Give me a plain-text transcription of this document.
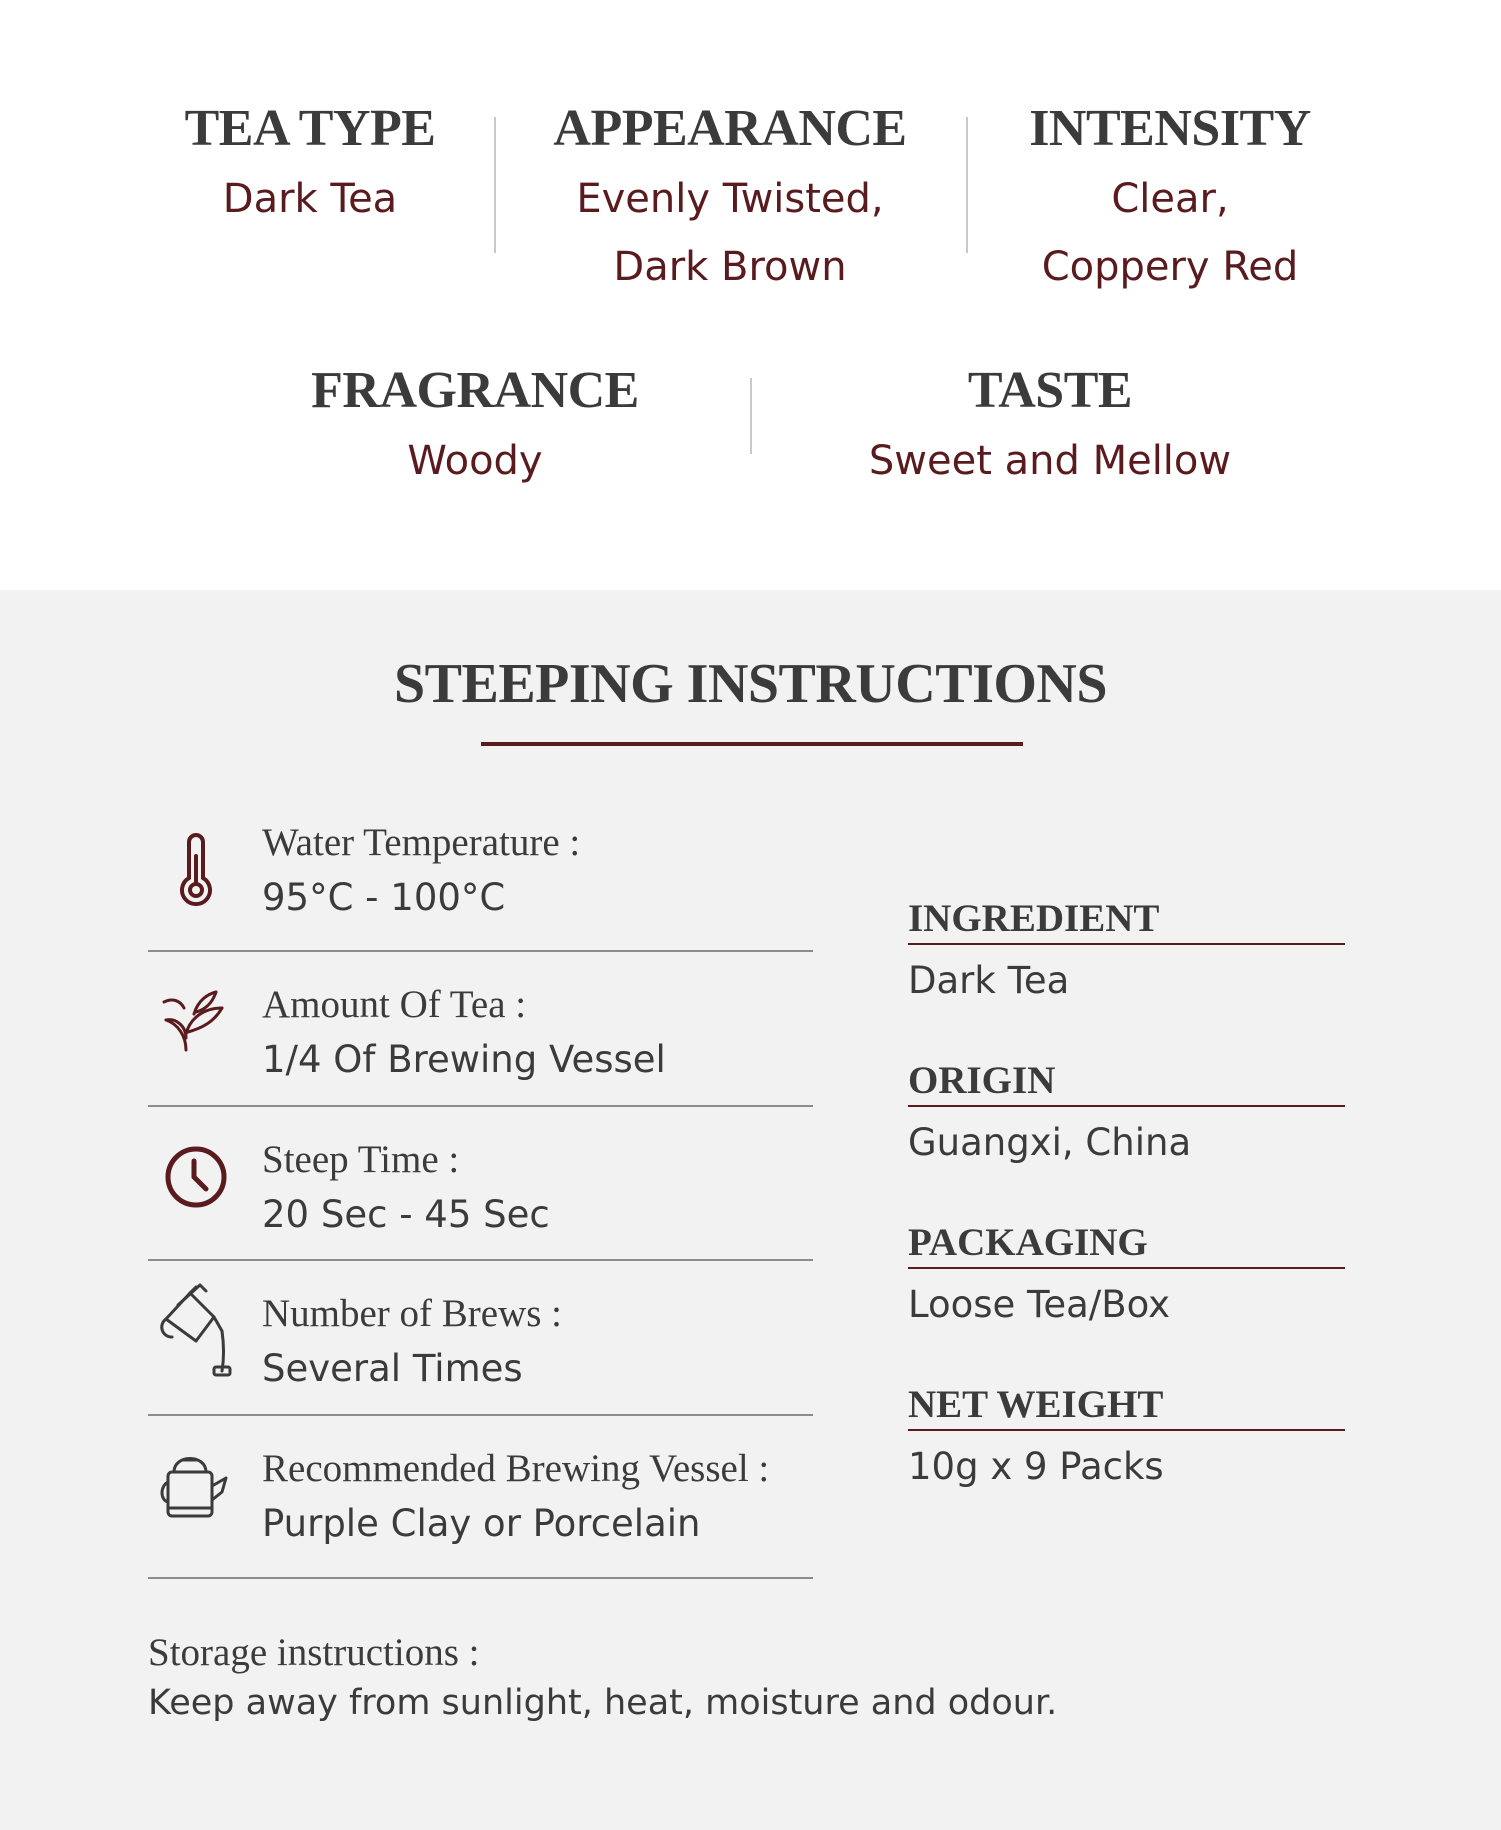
TEA TYPE
Dark Tea
APPEARANCE
Evenly Twisted,
Dark Brown
INTENSITY
Clear,
Coppery Red
FRAGRANCE
Woody
TASTE
Sweet and Mellow
STEEPING INSTRUCTIONS
Water Temperature :
95°C - 100°C
Amount Of Tea :
1/4 Of Brewing Vessel
Steep Time :
20 Sec - 45 Sec
Number of Brews :
Several Times
Recommended Brewing Vessel :
Purple Clay or Porcelain
INGREDIENT
Dark Tea
ORIGIN
Guangxi, China
PACKAGING
Loose Tea/Box
NET WEIGHT
10g x 9 Packs
Storage instructions :
Keep away from sunlight, heat, moisture and odour.
